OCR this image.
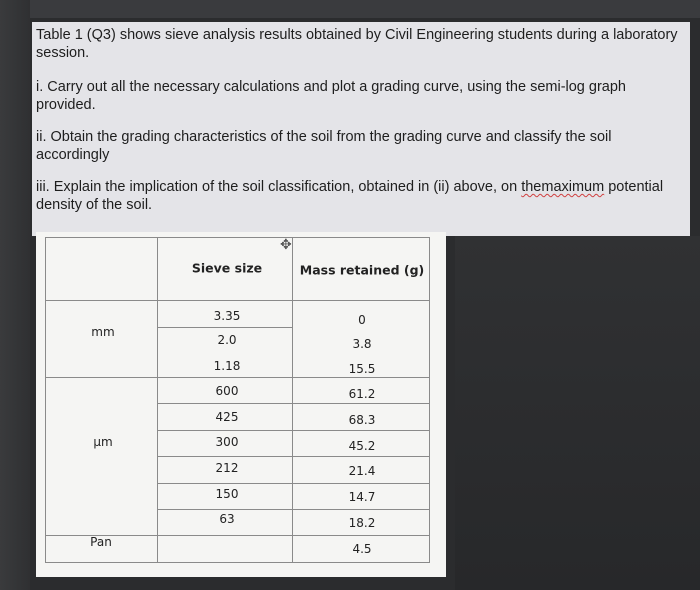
Table 1 (Q3) shows sieve analysis results obtained by Civil Engineering students during a laboratory session.

i. Carry out all the necessary calculations and plot a grading curve, using the semi-log graph provided.

ii. Obtain the grading characteristics of the soil from the grading curve and classify the soil accordingly

iii. Explain the implication of the soil classification, obtained in (ii) above, on themaximum potential density of the soil.

Sieve size	Mass retained (g)
mm
µm
Pan
3.35
2.0
1.18
600
425
300
212
150
63
0
3.8
15.5
61.2
68.3
45.2
21.4
14.7
18.2
4.5
✥
